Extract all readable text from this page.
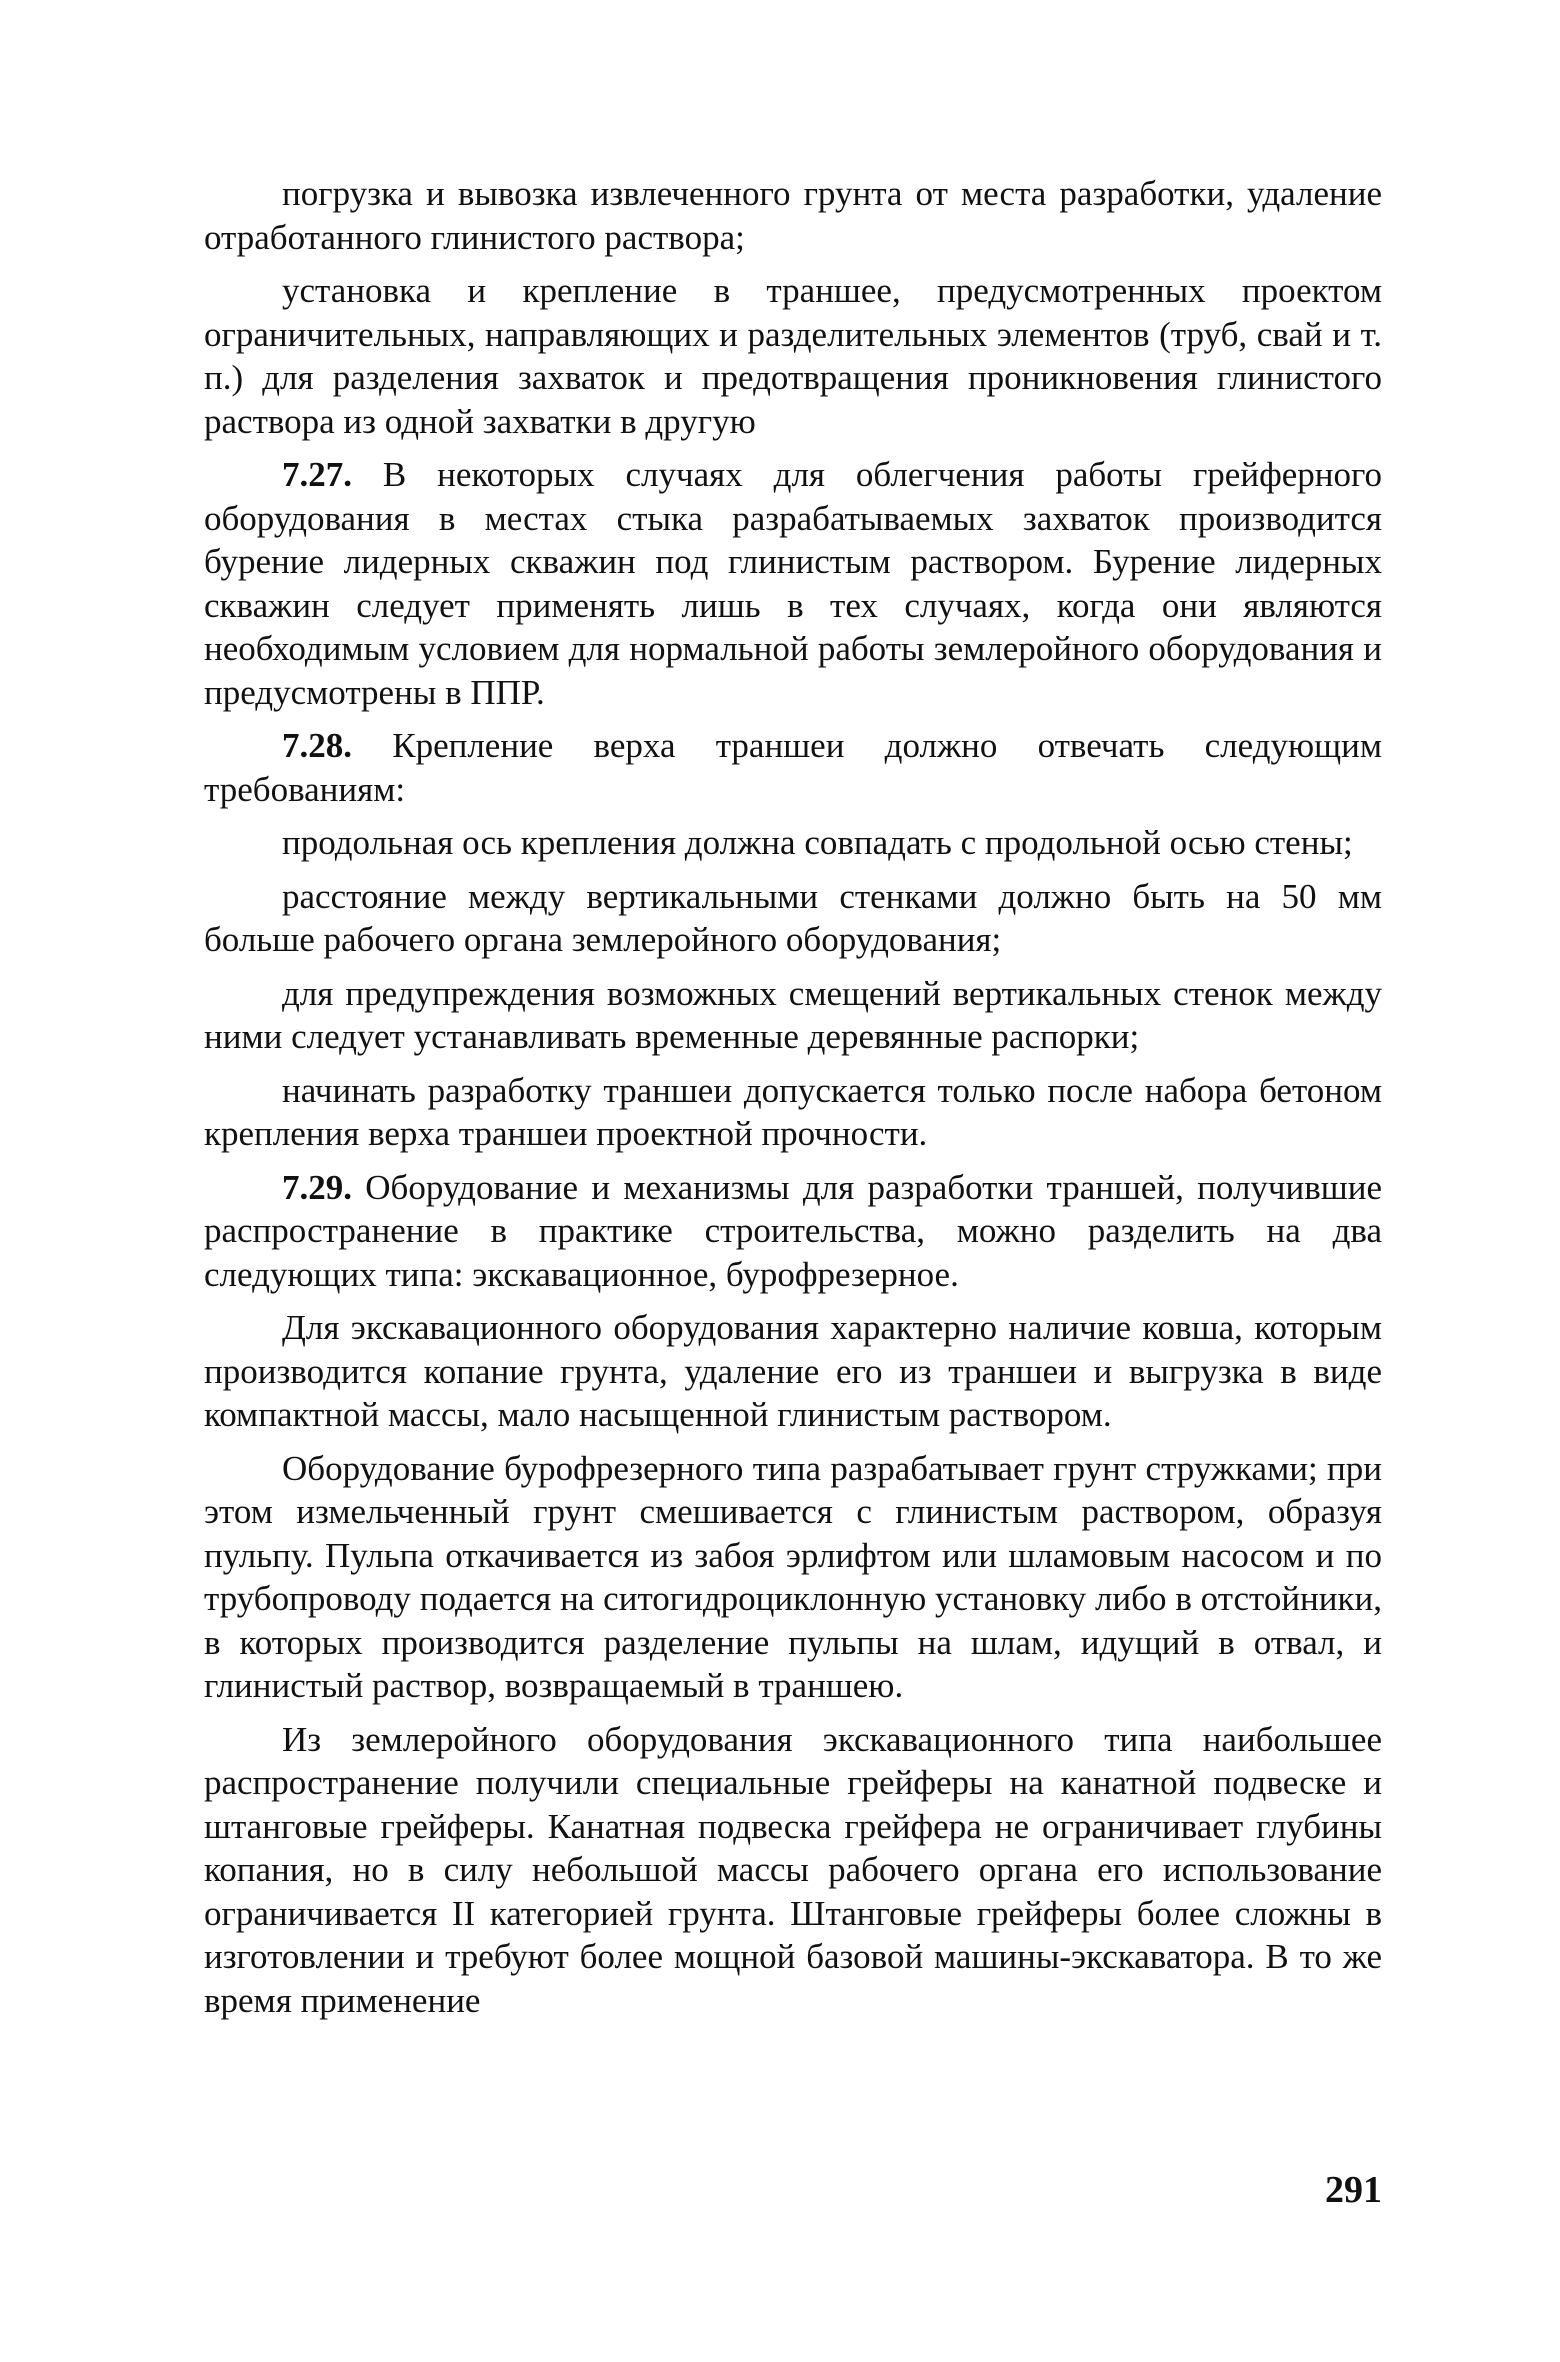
погрузка и вывозка извлеченного грунта от места разработки, удаление отработанного глинистого раствора;

установка и крепление в траншее, предусмотренных проектом ограничительных, направляющих и разделительных элементов (труб, свай и т. п.) для разделения захваток и предотвращения проникновения глинистого раствора из одной захватки в другую

7.27. В некоторых случаях для облегчения работы грейферного оборудования в местах стыка разрабатываемых захваток производится бурение лидерных скважин под глинистым раствором. Бурение лидерных скважин следует применять лишь в тех случаях, когда они являются необходимым условием для нормальной работы землеройного оборудования и предусмотрены в ППР.

7.28. Крепление верха траншеи должно отвечать следующим требованиям:

продольная ось крепления должна совпадать с продольной осью стены;

расстояние между вертикальными стенками должно быть на 50 мм больше рабочего органа землеройного оборудования;

для предупреждения возможных смещений вертикальных стенок между ними следует устанавливать временные деревянные распорки;

начинать разработку траншеи допускается только после набора бетоном крепления верха траншеи проектной прочности.

7.29. Оборудование и механизмы для разработки траншей, получившие распространение в практике строительства, можно разделить на два следующих типа: экскавационное, бурофрезерное.

Для экскавационного оборудования характерно наличие ковша, которым производится копание грунта, удаление его из траншеи и выгрузка в виде компактной массы, мало насыщенной глинистым раствором.

Оборудование бурофрезерного типа разрабатывает грунт стружками; при этом измельченный грунт смешивается с глинистым раствором, образуя пульпу. Пульпа откачивается из забоя эрлифтом или шламовым насосом и по трубопроводу подается на ситогидроциклонную установку либо в отстойники, в которых производится разделение пульпы на шлам, идущий в отвал, и глинистый раствор, возвращаемый в траншею.

Из землеройного оборудования экскавационного типа наибольшее распространение получили специальные грейферы на канатной подвеске и штанговые грейферы. Канатная подвеска грейфера не ограничивает глубины копания, но в силу небольшой массы рабочего органа его использование ограничивается II категорией грунта. Штанговые грейферы более сложны в изготовлении и требуют более мощной базовой машины-экскаватора. В то же время применение

291
